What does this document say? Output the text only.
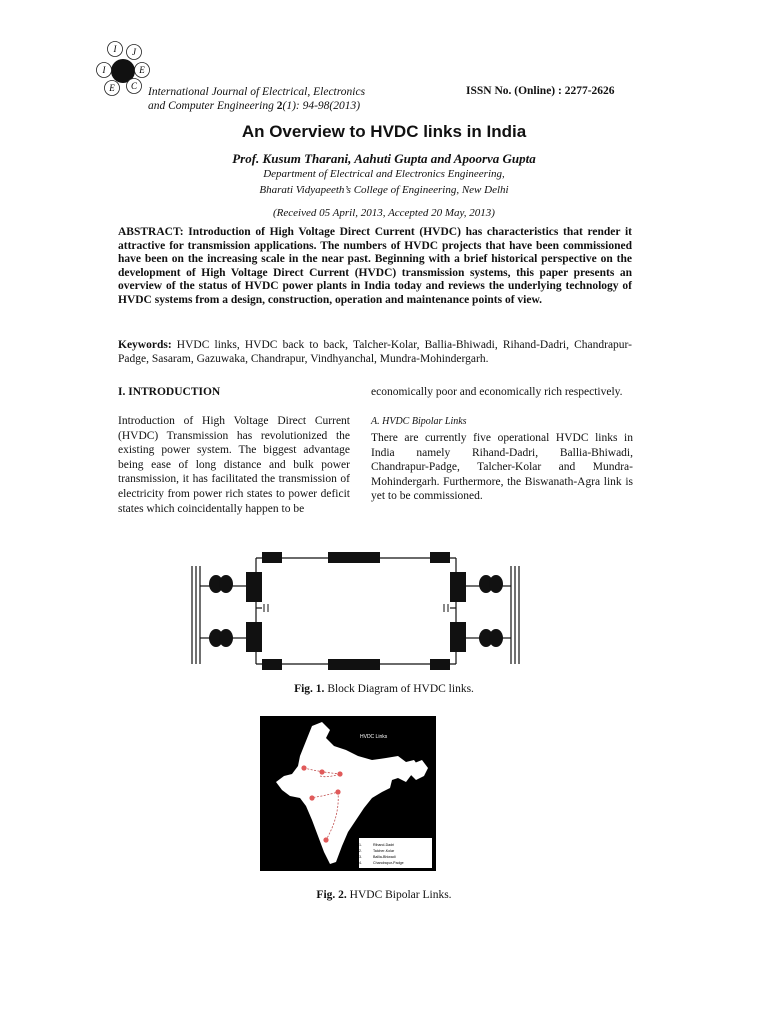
I J
E
I
E C International Journal of Electrical, Electronics
and Computer Engineering 2(1): 94-98(2013)
ISSN No. (Online) : 2277-2626
An Overview to HVDC links in India
Prof. Kusum Tharani, Aahuti Gupta and Apoorva Gupta
Department of Electrical and Electronics Engineering,
Bharati Vidyapeeth’s College of Engineering, New Delhi
(Received 05 April, 2013, Accepted 20 May, 2013)
ABSTRACT: Introduction of High Voltage Direct Current (HVDC) has characteristics that render it attractive for transmission applications. The numbers of HVDC projects that have been commissioned have been on the increasing scale in the near past. Beginning with a brief historical perspective on the development of High Voltage Direct Current (HVDC) transmission systems, this paper presents an overview of the status of HVDC power plants in India today and reviews the underlying technology of HVDC systems from a design, construction, operation and maintenance points of view.
Keywords: HVDC links, HVDC back to back, Talcher-Kolar, Ballia-Bhiwadi, Rihand-Dadri, Chandrapur-Padge, Sasaram, Gazuwaka, Chandrapur, Vindhyanchal, Mundra-Mohindergarh.
I. INTRODUCTION
Introduction of High Voltage Direct Current (HVDC) Transmission has revolutionized the existing power system. The biggest advantage being ease of long distance and bulk power transmission, it has facilitated the transmission of electricity from power rich states to power deficit states which coincidentally happen to be
economically poor and economically rich respectively.
A. HVDC Bipolar Links
There are currently five operational HVDC links in India namely Rihand-Dadri, Ballia-Bhiwadi, Chandrapur-Padge, Talcher-Kolar and Mundra-Mohindergarh. Furthermore, the Biswanath-Agra link is yet to be commissioned.
Fig. 1. Block Diagram of HVDC links.
HVDC Links
1.	Rihand-Dadri
2.	Talcher-Kolar
3.	Ballia-Bhiwadi
4.	Chandrapur-Padge
Fig. 2. HVDC Bipolar Links.
